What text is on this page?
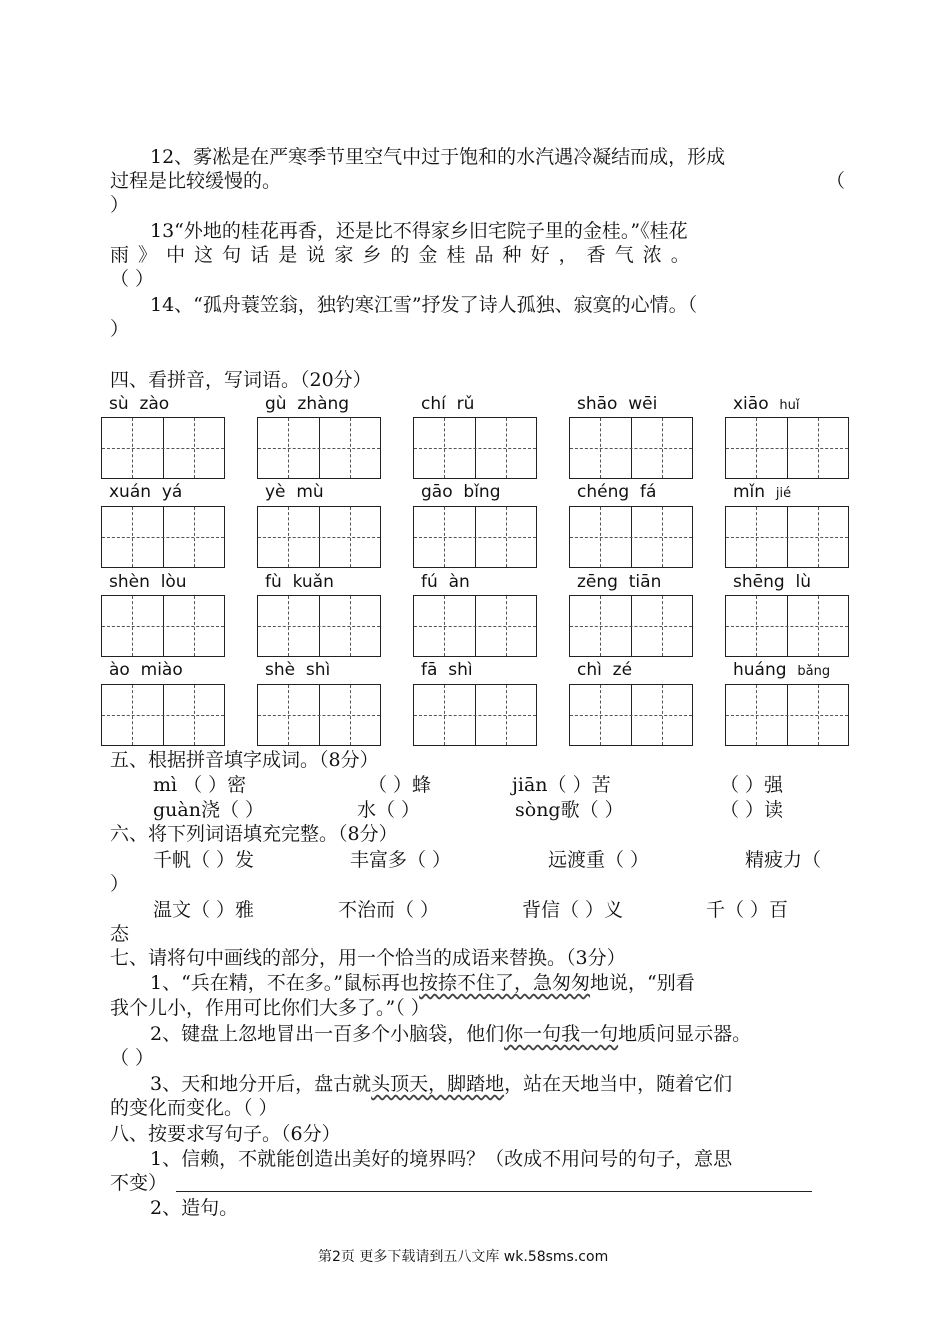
12、雾凇是在严寒季节里空气中过于饱和的水汽遇冷凝结而成，形成
过程是比较缓慢的。	（
）
13“外地的桂花再香，还是比不得家乡旧宅院子里的金桂。”《桂花
雨 》 中 这 句 话 是 说 家 乡 的 金 桂 品 种 好 ， 香 气 浓 。
（ ）
14、“孤舟蓑笠翁，独钓寒江雪”抒发了诗人孤独、寂寞的心情。（
）
四、看拼音，写词语。（20分）
sù zào	gù zhàng	chí rǔ	shāo wēi	xiāo huǐ
xuán yá	yè mù	gāo bǐng	chéng fá	mǐn jié
shèn lòu	fù kuǎn	fú àn	zēng tiān	shēng lù
ào miào	shè shì	fā shì	chì zé	huáng bǎng
五、根据拼音填字成词。（8分）
mì （ ）密	（ ）蜂	jiān（ ）苦	（ ）强
guàn浇（ ）	水（ ）	sòng歌（ ）	（ ）读
六、将下列词语填充完整。（8分）
千帆（ ）发	丰富多（ ）	远渡重（ ）	精疲力（
）
温文（ ）雅	不治而（ ）	背信（ ）义	千（ ）百
态
七、请将句中画线的部分，用一个恰当的成语来替换。（3分）
1、“兵在精，不在多。”鼠标再也按捺不住了，急匆匆地说，“别看
我个儿小，作用可比你们大多了。”（ ）
2、键盘上忽地冒出一百多个小脑袋，他们你一句我一句地质问显示器。
（ ）
3、天和地分开后，盘古就头顶天，脚踏地，站在天地当中，随着它们
的变化而变化。（ ）
八、按要求写句子。（6分）
1、信赖，不就能创造出美好的境界吗？（改成不用问号的句子，意思
不变）
2、造句。
第2页 更多下载请到五八文库 wk.58sms.com
